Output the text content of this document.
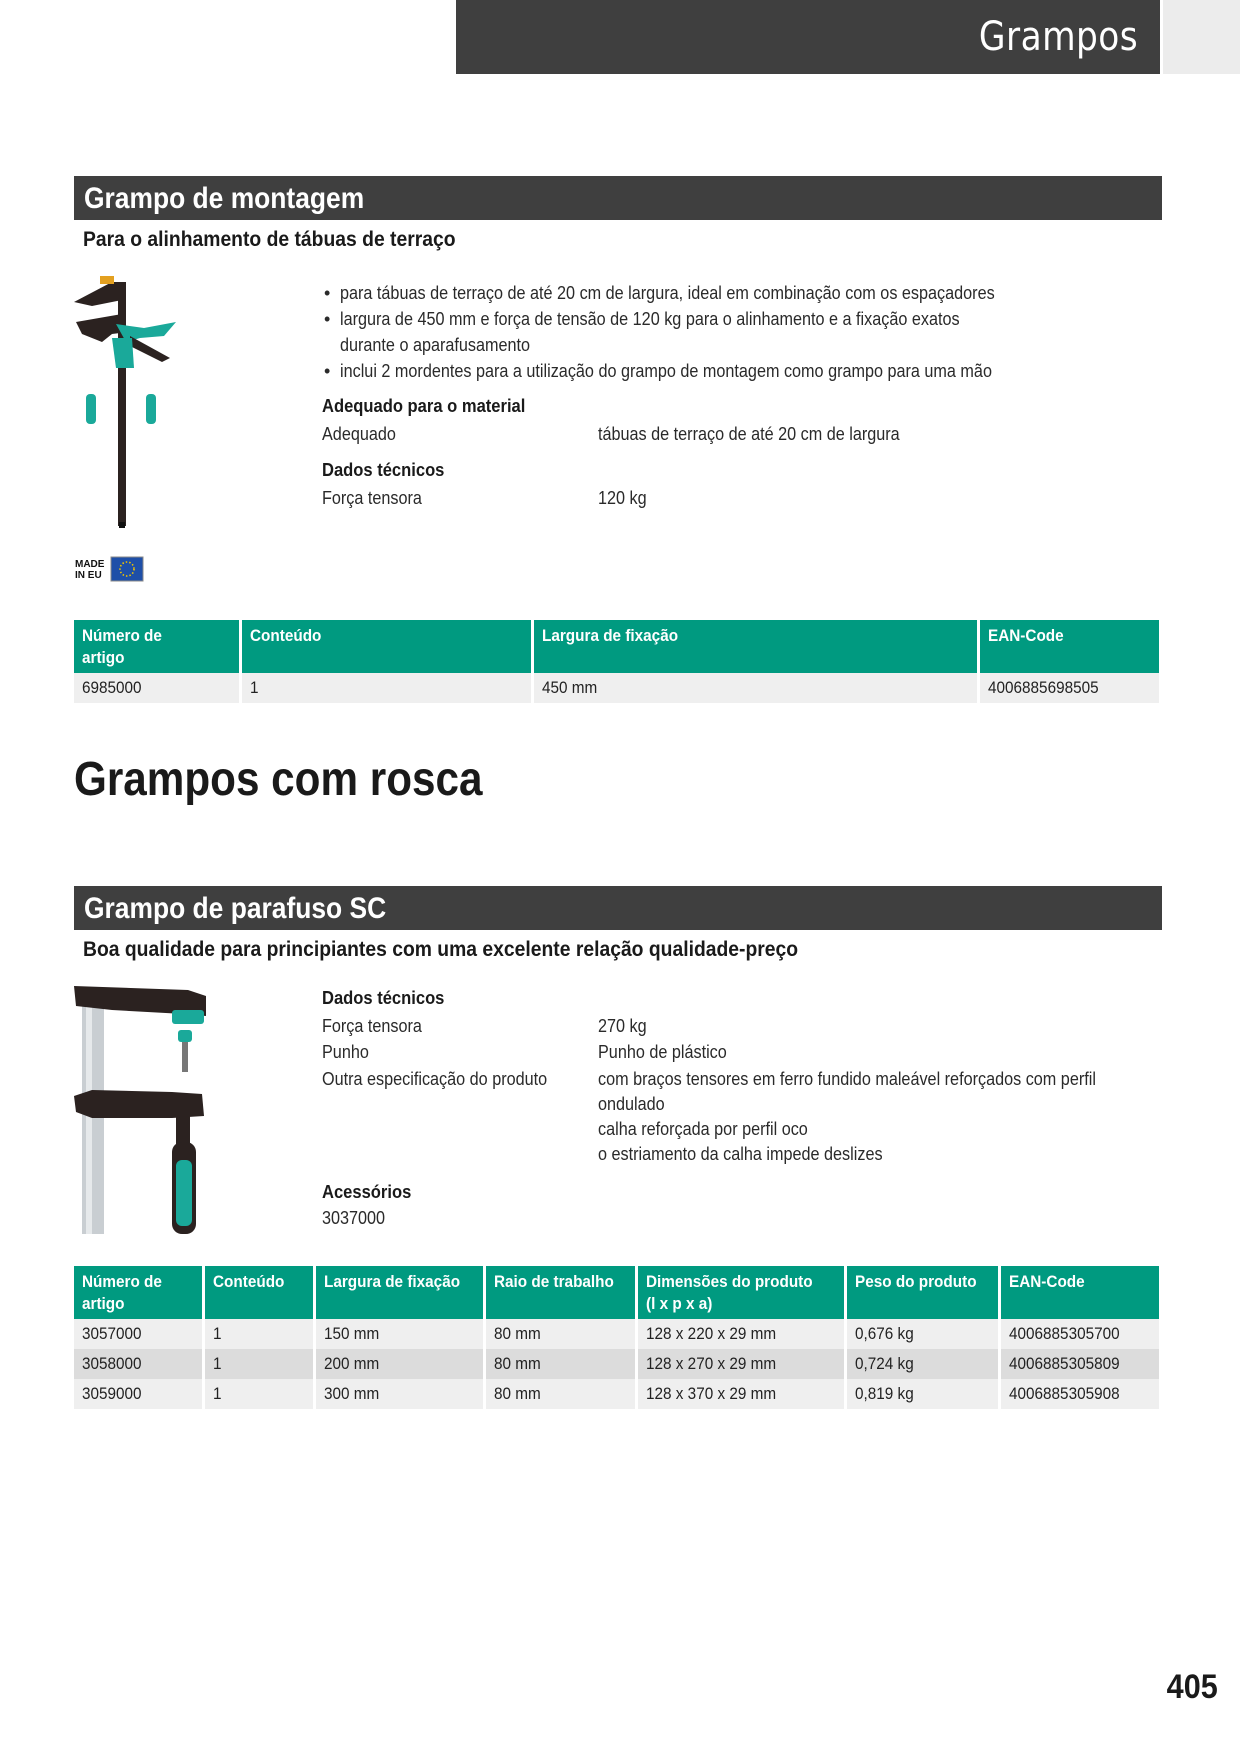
Grampos
Grampo de montagem
Para o alinhamento de tábuas de terraço
• para tábuas de terraço de até 20 cm de largura, ideal em combinação com os espaçadores
• largura de 450 mm e força de tensão de 120 kg para o alinhamento e a fixação exatos durante o aparafusamento
• inclui 2 mordentes para a utilização do grampo de montagem como grampo para uma mão
Adequado para o material
Adequado	tábuas de terraço de até 20 cm de largura
Dados técnicos
Força tensora	120 kg
MADE
IN EU
Número de artigo	Conteúdo	Largura de fixação	EAN-Code
6985000	1	450 mm	4006885698505
Grampos com rosca
Grampo de parafuso SC
Boa qualidade para principiantes com uma excelente relação qualidade-preço
Dados técnicos
Força tensora	270 kg
Punho	Punho de plástico
Outra especificação do produto	com braços tensores em ferro fundido maleável reforçados com perfil
ondulado
calha reforçada por perfil oco
o estriamento da calha impede deslizes
Acessórios
3037000
Número de artigo	Conteúdo	Largura de fixação	Raio de trabalho	Dimensões do produto (l x p x a)	Peso do produto	EAN-Code
3057000	1	150 mm	80 mm	128 x 220 x 29 mm	0,676 kg	4006885305700
3058000	1	200 mm	80 mm	128 x 270 x 29 mm	0,724 kg	4006885305809
3059000	1	300 mm	80 mm	128 x 370 x 29 mm	0,819 kg	4006885305908
405
